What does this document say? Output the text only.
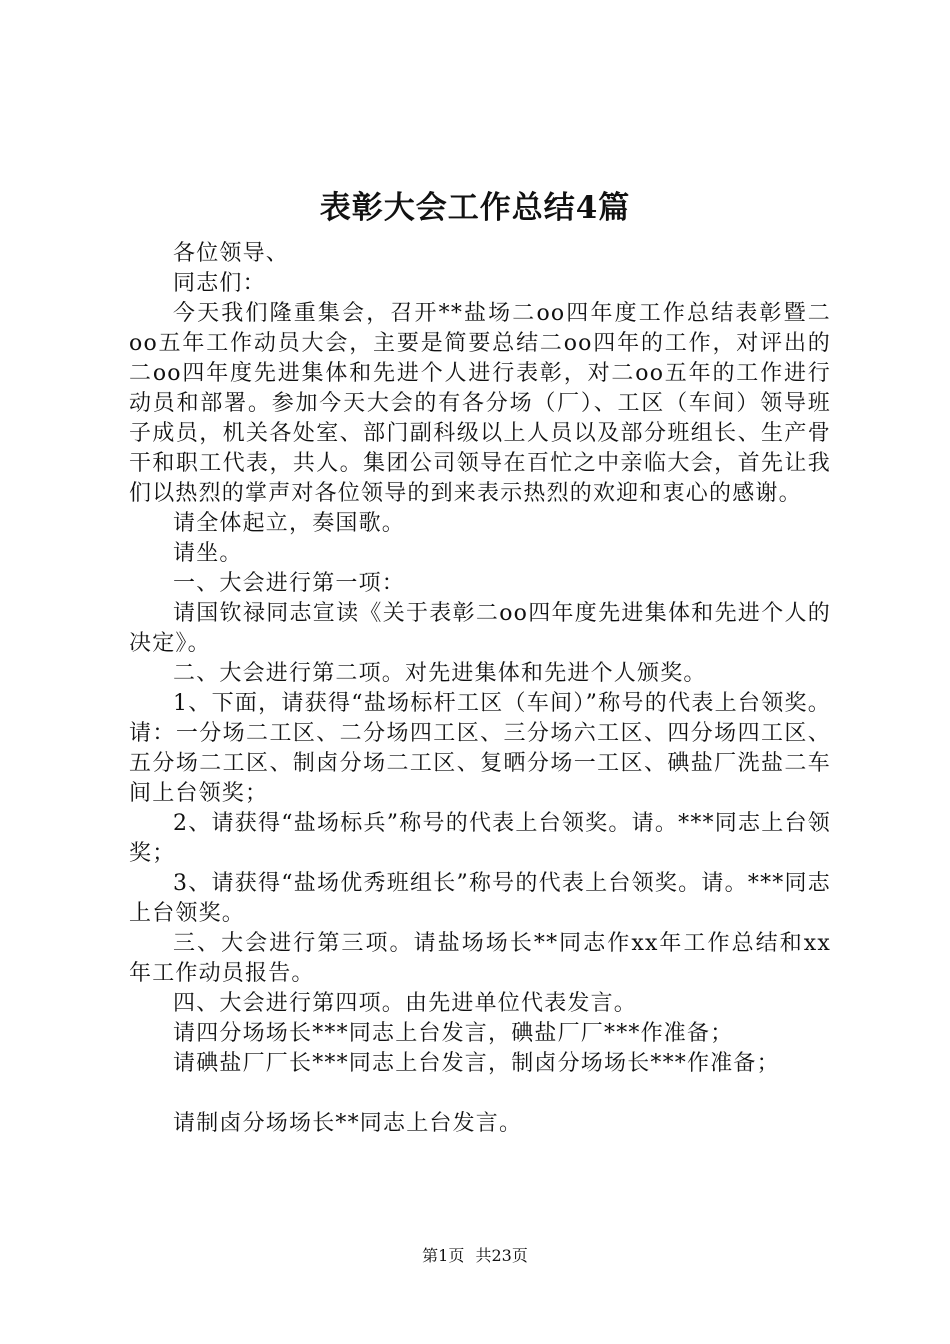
表彰大会工作总结4篇

各位领导、

同志们：

今天我们隆重集会，召开**盐场二oo四年度工作总结表彰暨二oo五年工作动员大会，主要是简要总结二oo四年的工作，对评出的二oo四年度先进集体和先进个人进行表彰，对二oo五年的工作进行动员和部署。参加今天大会的有各分场（厂）、工区（车间）领导班子成员，机关各处室、部门副科级以上人员以及部分班组长、生产骨干和职工代表，共人。集团公司领导在百忙之中亲临大会，首先让我们以热烈的掌声对各位领导的到来表示热烈的欢迎和衷心的感谢。

请全体起立，奏国歌。

请坐。

一、大会进行第一项：

请国钦禄同志宣读《关于表彰二oo四年度先进集体和先进个人的决定》。

二、大会进行第二项。对先进集体和先进个人颁奖。

1、下面，请获得“盐场标杆工区（车间）”称号的代表上台领奖。请：一分场二工区、二分场四工区、三分场六工区、四分场四工区、五分场二工区、制卤分场二工区、复晒分场一工区、碘盐厂洗盐二车间上台领奖；

2、请获得“盐场标兵”称号的代表上台领奖。请。***同志上台领奖；

3、请获得“盐场优秀班组长”称号的代表上台领奖。请。***同志上台领奖。

三、大会进行第三项。请盐场场长**同志作xx年工作总结和xx年工作动员报告。

四、大会进行第四项。由先进单位代表发言。

请四分场场长***同志上台发言，碘盐厂厂***作准备；

请碘盐厂厂长***同志上台发言，制卤分场场长***作准备；

请制卤分场场长**同志上台发言。

第1页 共23页
